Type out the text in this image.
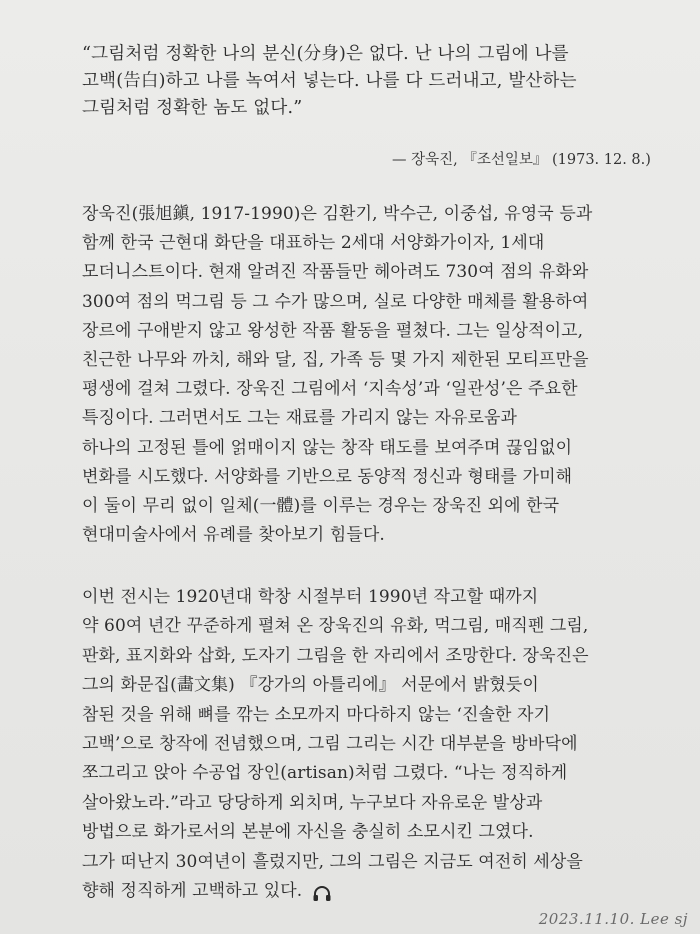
“그림처럼 정확한 나의 분신(分身)은 없다. 난 나의 그림에 나를
고백(告白)하고 나를 녹여서 넣는다. 나를 다 드러내고, 발산하는
그림처럼 정확한 놈도 없다.”
— 장욱진, 『조선일보』 (1973. 12. 8.)
장욱진(張旭鎭, 1917-1990)은 김환기, 박수근, 이중섭, 유영국 등과
함께 한국 근현대 화단을 대표하는 2세대 서양화가이자, 1세대
모더니스트이다. 현재 알려진 작품들만 헤아려도 730여 점의 유화와
300여 점의 먹그림 등 그 수가 많으며, 실로 다양한 매체를 활용하여
장르에 구애받지 않고 왕성한 작품 활동을 펼쳤다. 그는 일상적이고,
친근한 나무와 까치, 해와 달, 집, 가족 등 몇 가지 제한된 모티프만을
평생에 걸쳐 그렸다. 장욱진 그림에서 ‘지속성’과 ‘일관성’은 주요한
특징이다. 그러면서도 그는 재료를 가리지 않는 자유로움과
하나의 고정된 틀에 얽매이지 않는 창작 태도를 보여주며 끊임없이
변화를 시도했다. 서양화를 기반으로 동양적 정신과 형태를 가미해
이 둘이 무리 없이 일체(一體)를 이루는 경우는 장욱진 외에 한국
현대미술사에서 유례를 찾아보기 힘들다.
이번 전시는 1920년대 학창 시절부터 1990년 작고할 때까지
약 60여 년간 꾸준하게 펼쳐 온 장욱진의 유화, 먹그림, 매직펜 그림,
판화, 표지화와 삽화, 도자기 그림을 한 자리에서 조망한다. 장욱진은
그의 화문집(畵文集) 『강가의 아틀리에』 서문에서 밝혔듯이
참된 것을 위해 뼈를 깎는 소모까지 마다하지 않는 ‘진솔한 자기
고백’으로 창작에 전념했으며, 그림 그리는 시간 대부분을 방바닥에
쪼그리고 앉아 수공업 장인(artisan)처럼 그렸다. “나는 정직하게
살아왔노라.”라고 당당하게 외치며, 누구보다 자유로운 발상과
방법으로 화가로서의 본분에 자신을 충실히 소모시킨 그였다.
그가 떠난지 30여년이 흘렀지만, 그의 그림은 지금도 여전히 세상을
향해 정직하게 고백하고 있다.
2023.11.10. Lee sj
